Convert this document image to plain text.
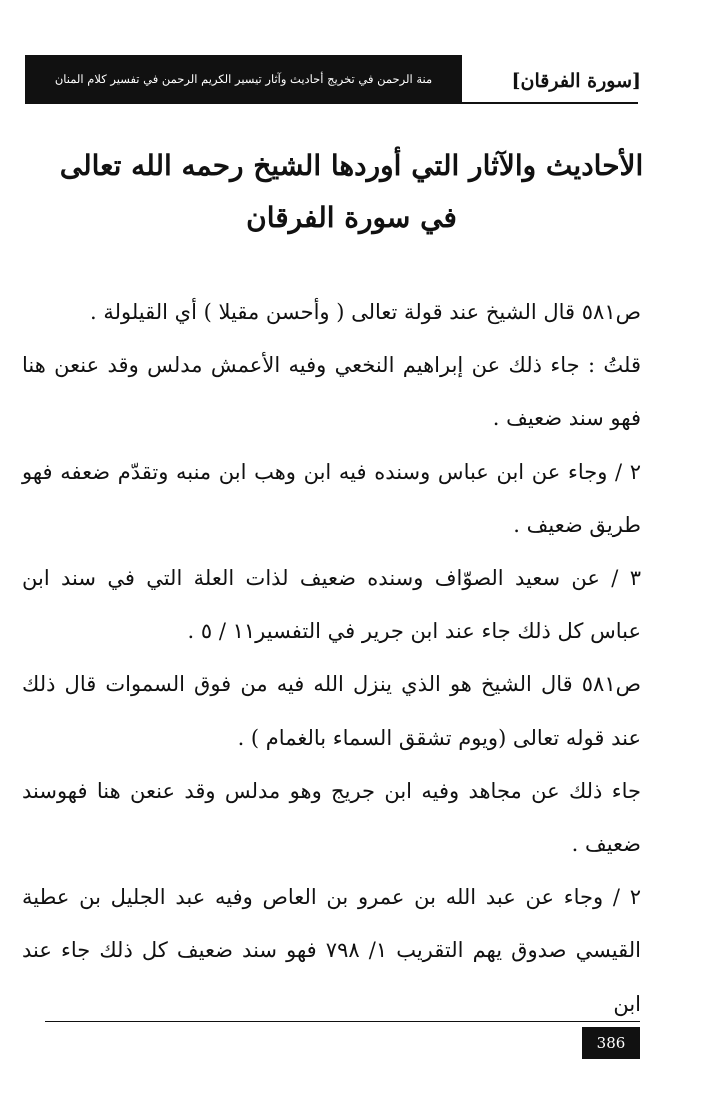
منة الرحمن في تخريج أحاديث وآثار تيسير الكريم الرحمن في تفسير كلام المنان	[سورة الفرقان]
الأحاديث والآثار التي أوردها الشيخ رحمه الله تعالى
في سورة الفرقان

ص٥٨١ قال الشيخ عند قولة تعالى ( وأحسن مقيلا ) أي القيلولة .

قلتُ : جاء ذلك عن إبراهيم النخعي وفيه الأعمش مدلس وقد عنعن هنا فهو سند ضعيف .

٢ / وجاء عن ابن عباس وسنده فيه ابن وهب ابن منبه وتقدّم ضعفه فهو طريق ضعيف .

٣ / عن سعيد الصوّاف وسنده ضعيف لذات العلة التي في سند ابن عباس كل ذلك جاء عند ابن جرير في التفسير١١ / ٥ .

ص٥٨١ قال الشيخ هو الذي ينزل الله فيه من فوق السموات قال ذلك عند قوله تعالى (ويوم تشقق السماء بالغمام ) .

جاء ذلك عن مجاهد وفيه ابن جريج وهو مدلس وقد عنعن هنا فهوسند ضعيف .

٢ / وجاء عن عبد الله بن عمرو بن العاص وفيه عبد الجليل بن عطية القيسي صدوق يهم التقريب ١/ ٧٩٨ فهو سند ضعيف كل ذلك جاء عند ابن

386
